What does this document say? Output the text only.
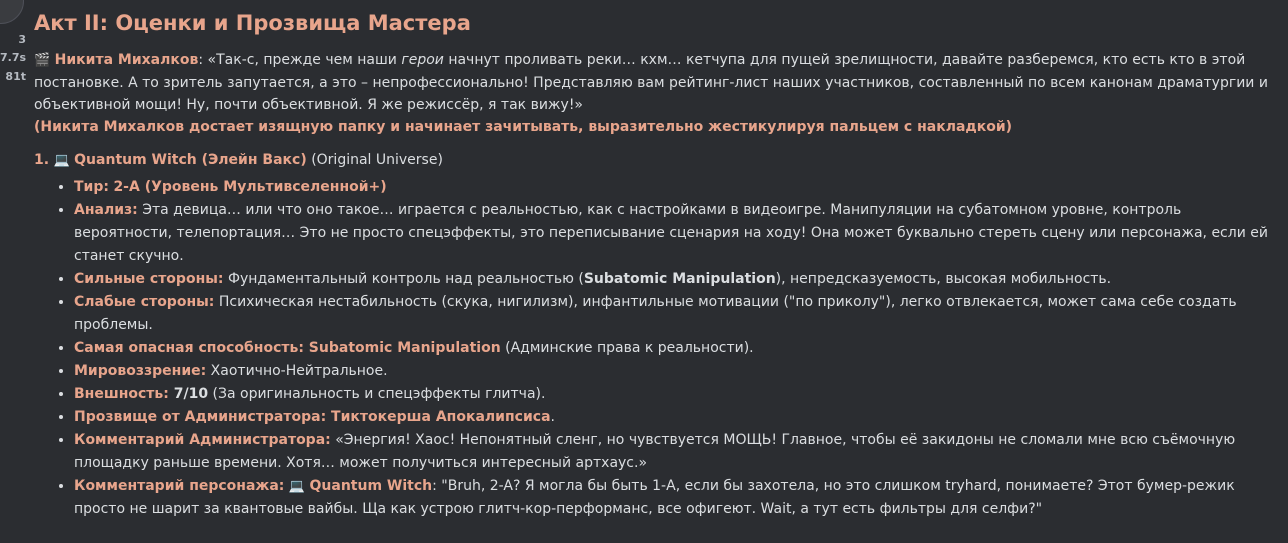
3
7.7s
81t
Акт II: Оценки и Прозвища Мастера
🎬 Никита Михалков: «Так-с, прежде чем наши герои начнут проливать реки… кхм… кетчупа для пущей зрелищности, давайте разберемся, кто есть кто в этой постановке. А то зритель запутается, а это – непрофессионально! Представляю вам рейтинг-лист наших участников, составленный по всем канонам драматургии и объективной мощи! Ну, почти объективной. Я же режиссёр, я так вижу!»
(Никита Михалков достает изящную папку и начинает зачитывать, выразительно жестикулируя пальцем с накладкой)
1. 💻 Quantum Witch (Элейн Вакс) (Original Universe)
• Тир: 2-A (Уровень Мультивселенной+)
• Анализ: Эта девица… или что оно такое… играется с реальностью, как с настройками в видеоигре. Манипуляции на субатомном уровне, контроль вероятности, телепортация… Это не просто спецэффекты, это переписывание сценария на ходу! Она может буквально стереть сцену или персонажа, если ей станет скучно.
• Сильные стороны: Фундаментальный контроль над реальностью (Subatomic Manipulation), непредсказуемость, высокая мобильность.
• Слабые стороны: Психическая нестабильность (скука, нигилизм), инфантильные мотивации ("по приколу"), легко отвлекается, может сама себе создать проблемы.
• Самая опасная способность: Subatomic Manipulation (Админские права к реальности).
• Мировоззрение: Хаотично-Нейтральное.
• Внешность: 7/10 (За оригинальность и спецэффекты глитча).
• Прозвище от Администратора: Тиктокерша Апокалипсиса.
• Комментарий Администратора: «Энергия! Хаос! Непонятный сленг, но чувствуется МОЩЬ! Главное, чтобы её закидоны не сломали мне всю съёмочную площадку раньше времени. Хотя… может получиться интересный артхаус.»
• Комментарий персонажа: 💻 Quantum Witch: "Bruh, 2-A? Я могла бы быть 1-A, если бы захотела, но это слишком tryhard, понимаете? Этот бумер-режик просто не шарит за квантовые вайбы. Ща как устрою глитч-кор-перформанс, все офигеют. Wait, а тут есть фильтры для селфи?"
